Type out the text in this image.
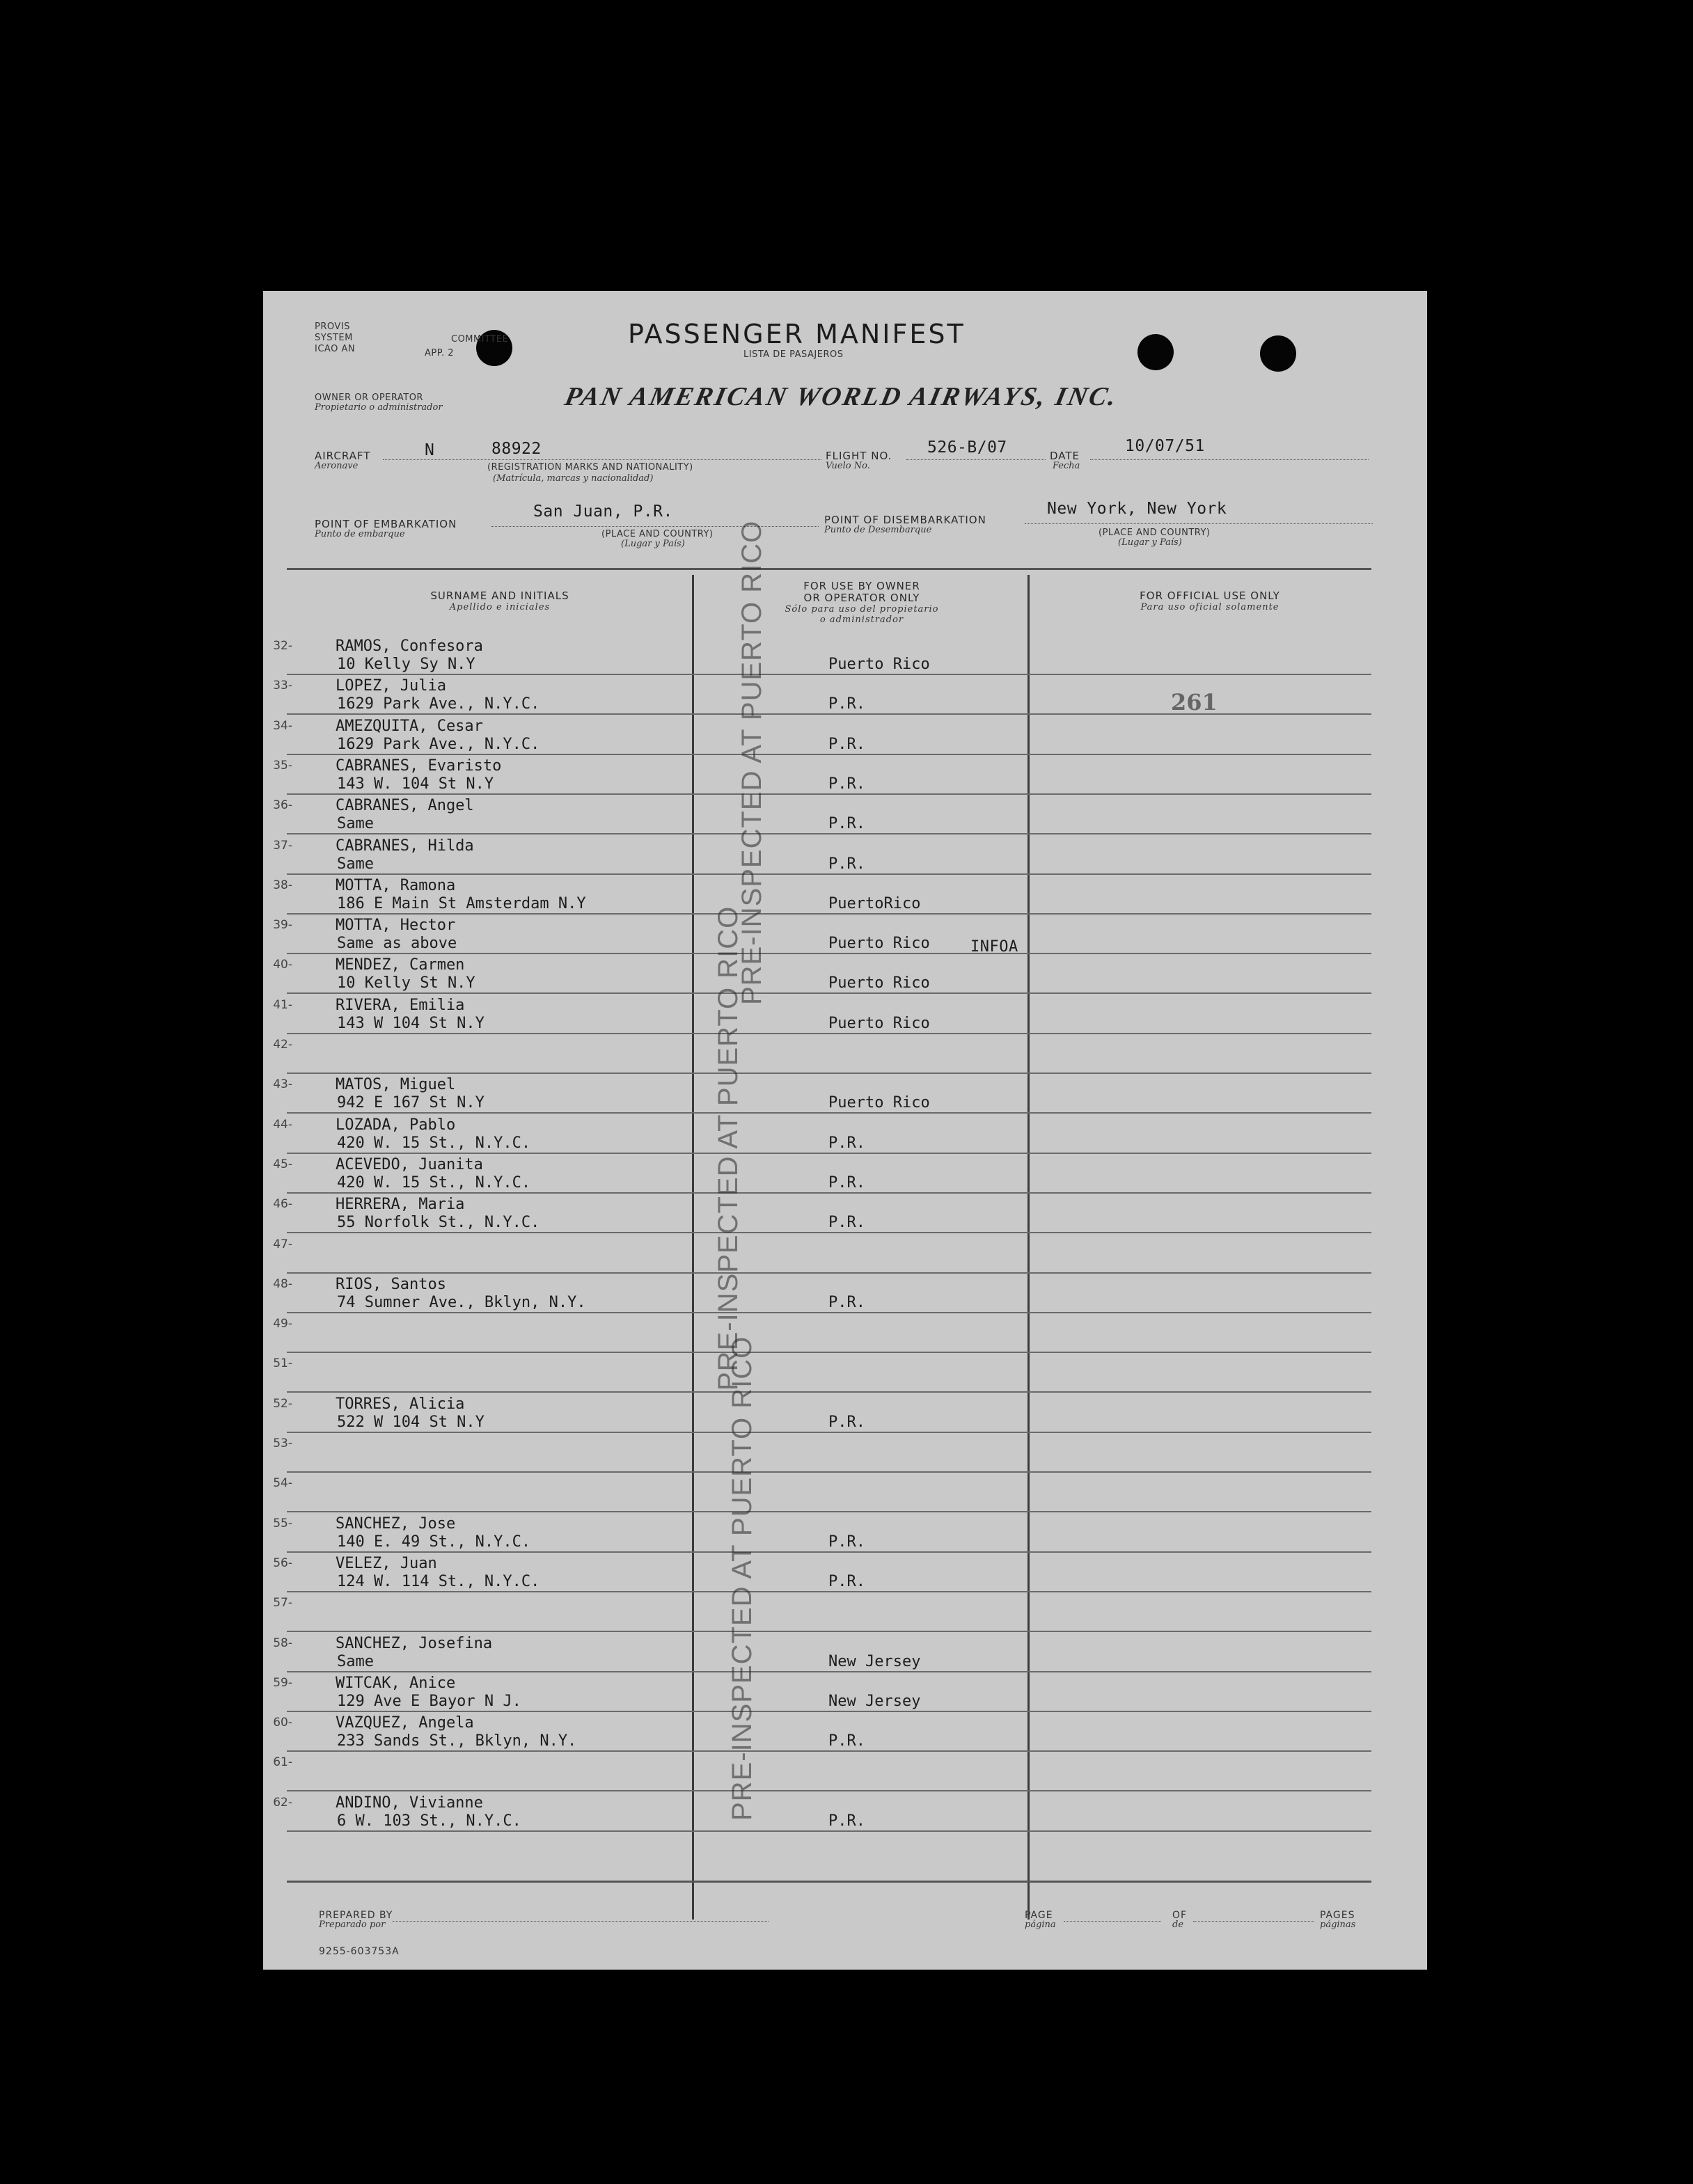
PROVIS
SYSTEM	COMMITTEE
ICAO AN	APP. 2
PASSENGER MANIFEST
LISTA DE PASAJEROS
OWNER OR OPERATOR
Propietario o administrador	PAN AMERICAN WORLD AIRWAYS, INC.
AIRCRAFT
Aeronave
N	88922
(REGISTRATION MARKS AND NATIONALITY)
(Matrícula, marcas y nacionalidad)
FLIGHT NO.
Vuelo No.
526-B/07	DATE
Fecha
10/07/51
POINT OF EMBARKATION
Punto de embarque
San Juan, P.R.
(PLACE AND COUNTRY)
(Lugar y País)
POINT OF DISEMBARKATION
Punto de Desembarque
New York, New York
(PLACE AND COUNTRY)
(Lugar y País)
SURNAME AND INITIALS
Apellido e iniciales
FOR USE BY OWNER
OR OPERATOR ONLY
Sólo para uso del propietario
o administrador
FOR OFFICIAL USE ONLY
Para uso oficial solamente
32-	RAMOS, Confesora
10 Kelly Sy N.Y	Puerto Rico
33-	LOPEZ, Julia
1629 Park Ave., N.Y.C.	P.R.
34-	AMEZQUITA, Cesar
1629 Park Ave., N.Y.C.	P.R.
35-	CABRANES, Evaristo
143 W. 104 St N.Y	P.R.
36-	CABRANES, Angel
Same	P.R.
37-	CABRANES, Hilda
Same	P.R.
38-	MOTTA, Ramona
186 E Main St Amsterdam N.Y	PuertoRico
39-	MOTTA, Hector
Same as above	Puerto Rico
40-	MENDEZ, Carmen
10 Kelly St N.Y	Puerto Rico
41-	RIVERA, Emilia
143 W 104 St N.Y	Puerto Rico
42-
43-	MATOS, Miguel
942 E 167 St N.Y	Puerto Rico
44-	LOZADA, Pablo
420 W. 15 St., N.Y.C.	P.R.
45-	ACEVEDO, Juanita
420 W. 15 St., N.Y.C.	P.R.
46-	HERRERA, Maria
55 Norfolk St., N.Y.C.	P.R.
47-
48-	RIOS, Santos
74 Sumner Ave., Bklyn, N.Y.	P.R.
49-
51-
52-	TORRES, Alicia
522 W 104 St N.Y	P.R.
53-
54-
55-	SANCHEZ, Jose
140 E. 49 St., N.Y.C.	P.R.
56-	VELEZ, Juan
124 W. 114 St., N.Y.C.	P.R.
57-
58-	SANCHEZ, Josefina
Same	New Jersey
59-	WITCAK, Anice
129 Ave E Bayor N J.	New Jersey
60-	VAZQUEZ, Angela
233 Sands St., Bklyn, N.Y.	P.R.
61-
62-	ANDINO, Vivianne
6 W. 103 St., N.Y.C.	P.R.
261
PRE-INSPECTED AT PUERTO RICO
PRE-INSPECTED AT PUERTO RICO
PRE-INSPECTED AT PUERTO RICO
INFOA
PREPARED BY
Preparado por
9255-603753A
PAGE
página
OF
de
PAGES
páginas
